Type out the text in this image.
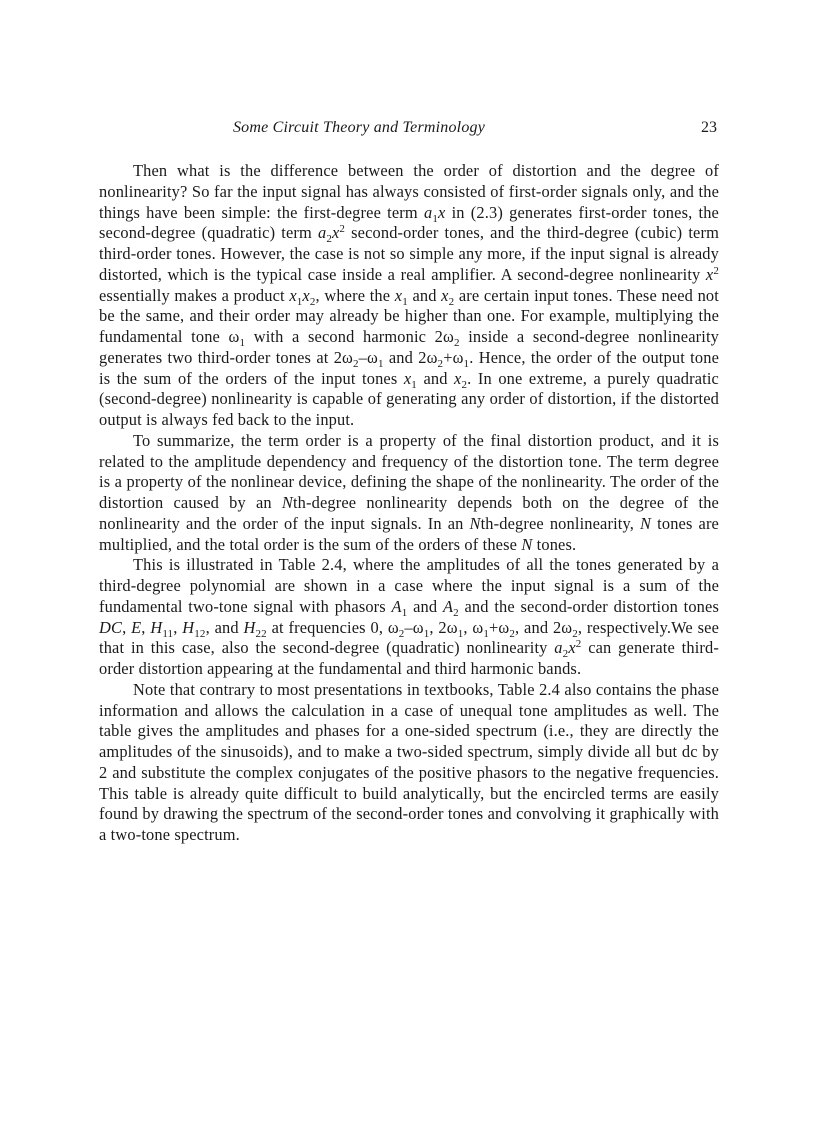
Some Circuit Theory and Terminology	23

Then what is the difference between the order of distortion and the degree of nonlinearity? So far the input signal has always consisted of first-order signals only, and the things have been simple: the first-degree term $a_1x$ in (2.3) generates first-order tones, the second-degree (quadratic) term $a_2x^2$ second-order tones, and the third-degree (cubic) term third-order tones. However, the case is not so simple any more, if the input signal is already distorted, which is the typical case inside a real amplifier. A second-degree nonlinearity $x^2$ essentially makes a product $x_1x_2$, where the $x_1$ and $x_2$ are certain input tones. These need not be the same, and their order may already be higher than one. For example, multiplying the fundamental tone $\omega_1$ with a second harmonic $2\omega_2$ inside a second-degree nonlinearity generates two third-order tones at $2\omega_2-\omega_1$ and $2\omega_2+\omega_1$. Hence, the order of the output tone is the sum of the orders of the input tones $x_1$ and $x_2$. In one extreme, a purely quadratic (second-degree) nonlinearity is capable of generating any order of distortion, if the distorted output is always fed back to the input.

To summarize, the term order is a property of the final distortion product, and it is related to the amplitude dependency and frequency of the distortion tone. The term degree is a property of the nonlinear device, defining the shape of the nonlinearity. The order of the distortion caused by an Nth-degree nonlinearity depends both on the degree of the nonlinearity and the order of the input signals. In an Nth-degree nonlinearity, N tones are multiplied, and the total order is the sum of the orders of these N tones.

This is illustrated in Table 2.4, where the amplitudes of all the tones generated by a third-degree polynomial are shown in a case where the input signal is a sum of the fundamental two-tone signal with phasors $A_1$ and $A_2$ and the second-order distortion tones DC, E, $H_{11}$, $H_{12}$, and $H_{22}$ at frequencies 0, $\omega_2-\omega_1$, $2\omega_1$, $\omega_1+\omega_2$, and $2\omega_2$, respectively.We see that in this case, also the second-degree (quadratic) nonlinearity $a_2x^2$ can generate third-order distortion appearing at the fundamental and third harmonic bands.

Note that contrary to most presentations in textbooks, Table 2.4 also contains the phase information and allows the calculation in a case of unequal tone amplitudes as well. The table gives the amplitudes and phases for a one-sided spectrum (i.e., they are directly the amplitudes of the sinusoids), and to make a two-sided spectrum, simply divide all but dc by 2 and substitute the complex conjugates of the positive phasors to the negative frequencies. This table is already quite difficult to build analytically, but the encircled terms are easily found by drawing the spectrum of the second-order tones and convolving it graphically with a two-tone spectrum.
